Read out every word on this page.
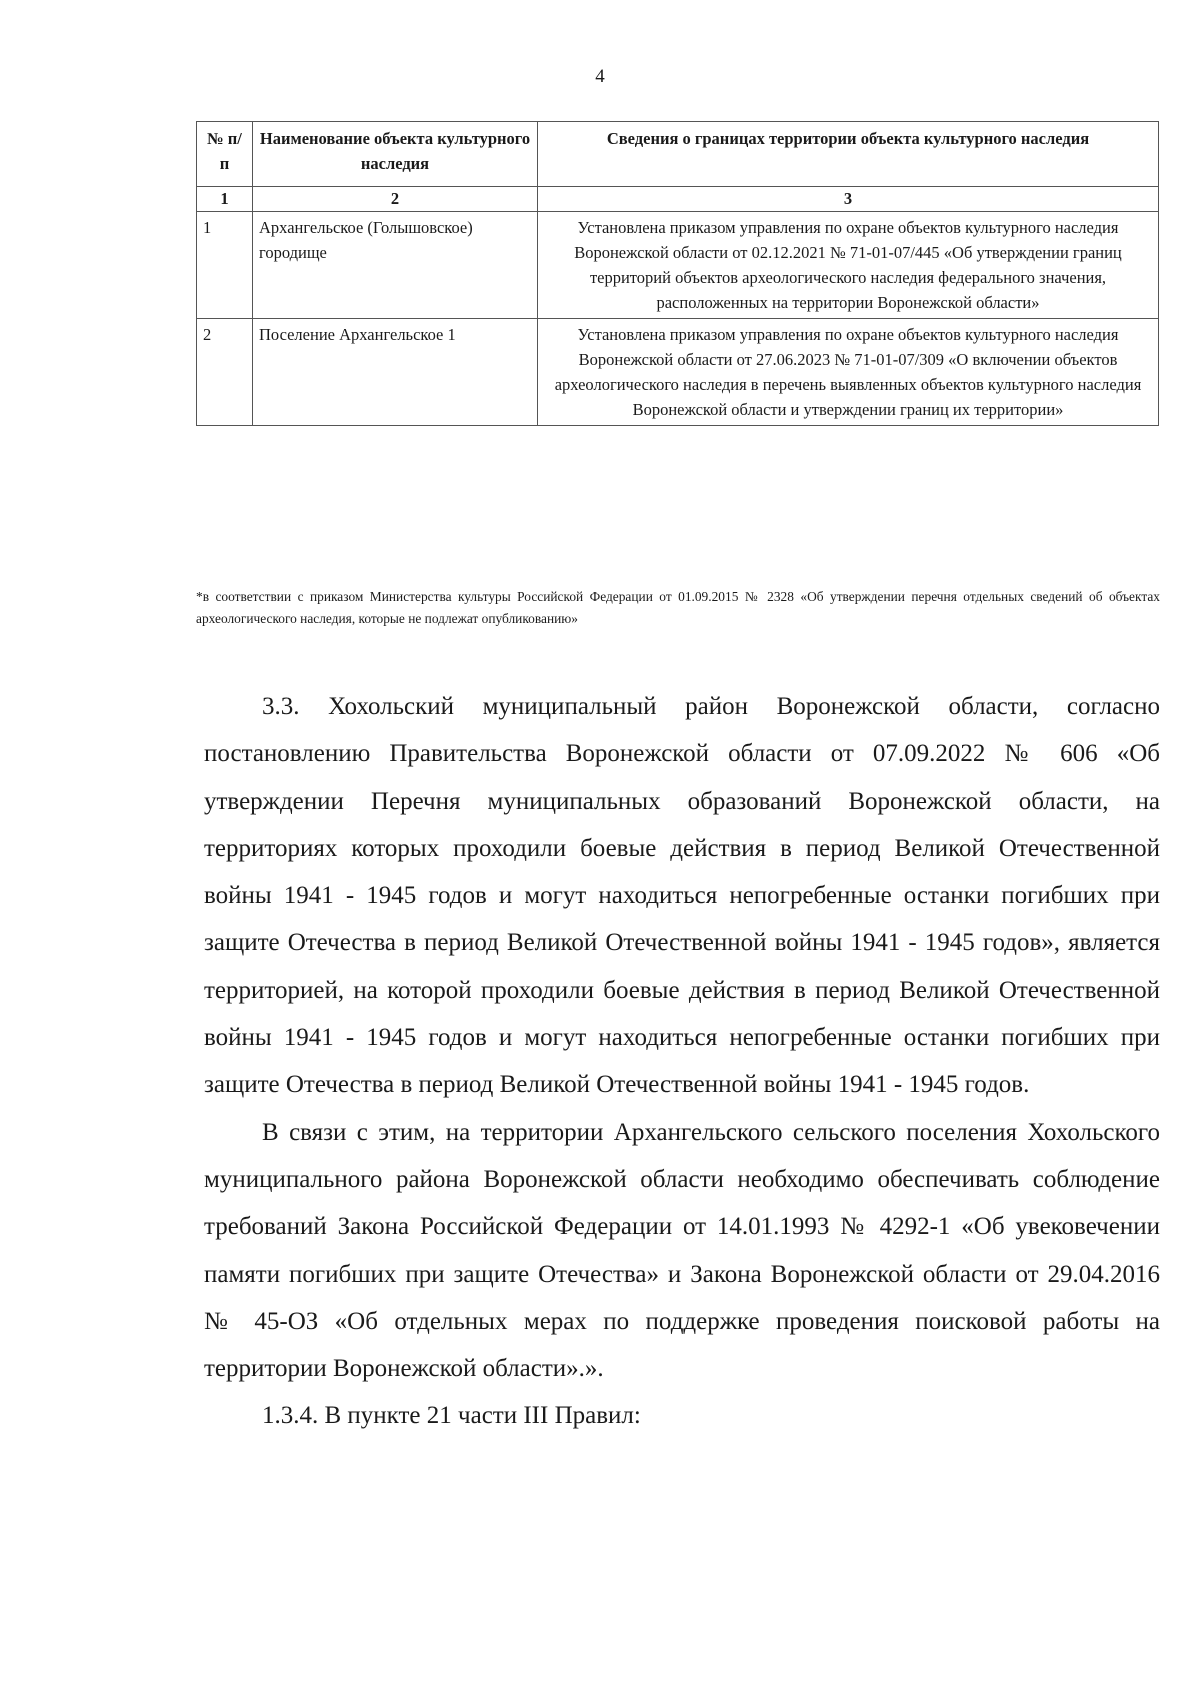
4
№ п/п	Наименование объекта культурного наследия	Сведения о границах территории объекта культурного наследия
1	2	3
1	Архангельское (Голышовское) городище	Установлена приказом управления по охране объектов культурного наследия Воронежской области от 02.12.2021 № 71-01-07/445 «Об утверждении границ территорий объектов археологического наследия федерального значения, расположенных на территории Воронежской области»
2	Поселение Архангельское 1	Установлена приказом управления по охране объектов культурного наследия Воронежской области от 27.06.2023 № 71-01-07/309 «О включении объектов археологического наследия в перечень выявленных объектов культурного наследия Воронежской области и утверждении границ их территории»
*в соответствии с приказом Министерства культуры Российской Федерации от 01.09.2015 № 2328 «Об утверждении перечня отдельных сведений об объектах археологического наследия, которые не подлежат опубликованию»

3.3. Хохольский муниципальный район Воронежской области, согласно постановлению Правительства Воронежской области от 07.09.2022 № 606 «Об утверждении Перечня муниципальных образований Воронежской области, на территориях которых проходили боевые действия в период Великой Отечественной войны 1941 - 1945 годов и могут находиться непогребенные останки погибших при защите Отечества в период Великой Отечественной войны 1941 - 1945 годов», является территорией, на которой проходили боевые действия в период Великой Отечественной войны 1941 - 1945 годов и могут находиться непогребенные останки погибших при защите Отечества в период Великой Отечественной войны 1941 - 1945 годов.

В связи с этим, на территории Архангельского сельского поселения Хохольского муниципального района Воронежской области необходимо обеспечивать соблюдение требований Закона Российской Федерации от 14.01.1993 № 4292-1 «Об увековечении памяти погибших при защите Отечества» и Закона Воронежской области от 29.04.2016 № 45-ОЗ «Об отдельных мерах по поддержке проведения поисковой работы на территории Воронежской области».».

1.3.4. В пункте 21 части III Правил:
